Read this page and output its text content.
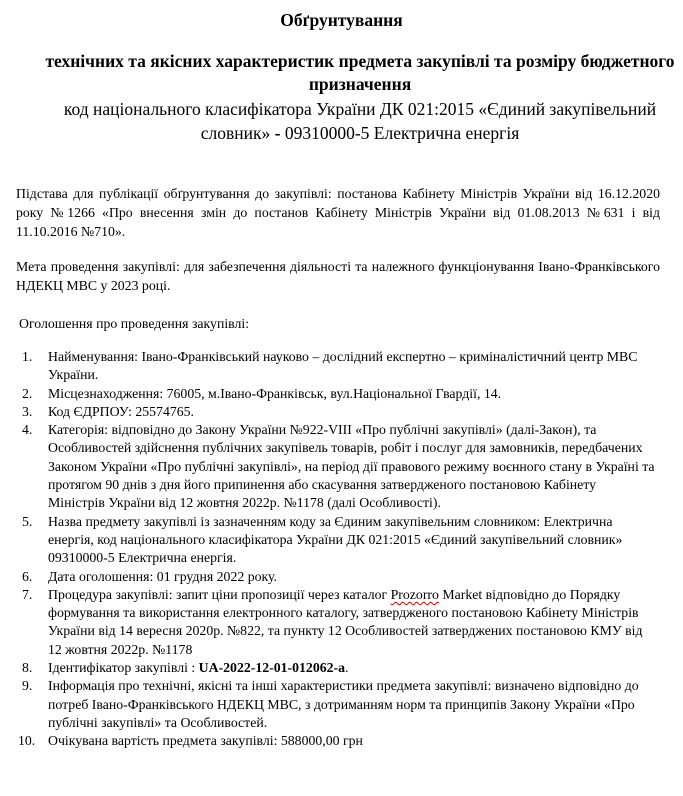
Обґрунтування
технічних та якісних характеристик предмета закупівлі та розміру бюджетного призначення
код національного класифікатора України ДК 021:2015 «Єдиний закупівельний словник» - 09310000-5 Електрична енергія
Підстава для публікації обґрунтування до закупівлі: постанова Кабінету Міністрів України від 16.12.2020 року №1266 «Про внесення змін до постанов Кабінету Міністрів України від 01.08.2013 №631 і від 11.10.2016 №710».
Мета проведення закупівлі: для забезпечення діяльності та належного функціонування Івано-Франківського НДЕКЦ МВС у 2023 році.
Оголошення про проведення закупівлі:
1. Найменування: Івано-Франківський науково – дослідний експертно – криміналістичний центр МВС України.
2. Місцезнаходження: 76005, м.Івано-Франківськ, вул.Національної Гвардії, 14.
3. Код ЄДРПОУ: 25574765.
4. Категорія: відповідно до Закону України №922-VIII «Про публічні закупівлі» (далі-Закон), та Особливостей здійснення публічних закупівель товарів, робіт і послуг для замовників, передбачених Законом України «Про публічні закупівлі», на період дії правового режиму воєнного стану в Україні та протягом 90 днів з дня його припинення або скасування затвердженого постановою Кабінету Міністрів України від 12 жовтня 2022р. №1178 (далі Особливості).
5. Назва предмету закупівлі із зазначенням коду за Єдиним закупівельним словником: Електрична енергія, код національного класифікатора України ДК 021:2015 «Єдиний закупівельний словник» 09310000-5 Електрична енергія.
6. Дата оголошення: 01 грудня 2022 року.
7. Процедура закупівлі: запит ціни пропозиції через каталог Prozorro Market відповідно до Порядку формування та використання електронного каталогу, затвердженого постановою Кабінету Міністрів України від 14 вересня 2020р. №822, та пункту 12 Особливостей затверджених постановою КМУ від 12 жовтня 2022р. №1178
8. Ідентифікатор закупівлі : UA-2022-12-01-012062-a.
9. Інформація про технічні, якісні та інші характеристики предмета закупівлі: визначено відповідно до потреб Івано-Франківського НДЕКЦ МВС, з дотриманням норм та принципів Закону України «Про публічні закупівлі» та Особливостей.
10. Очікувана вартість предмета закупівлі: 588000,00 грн
